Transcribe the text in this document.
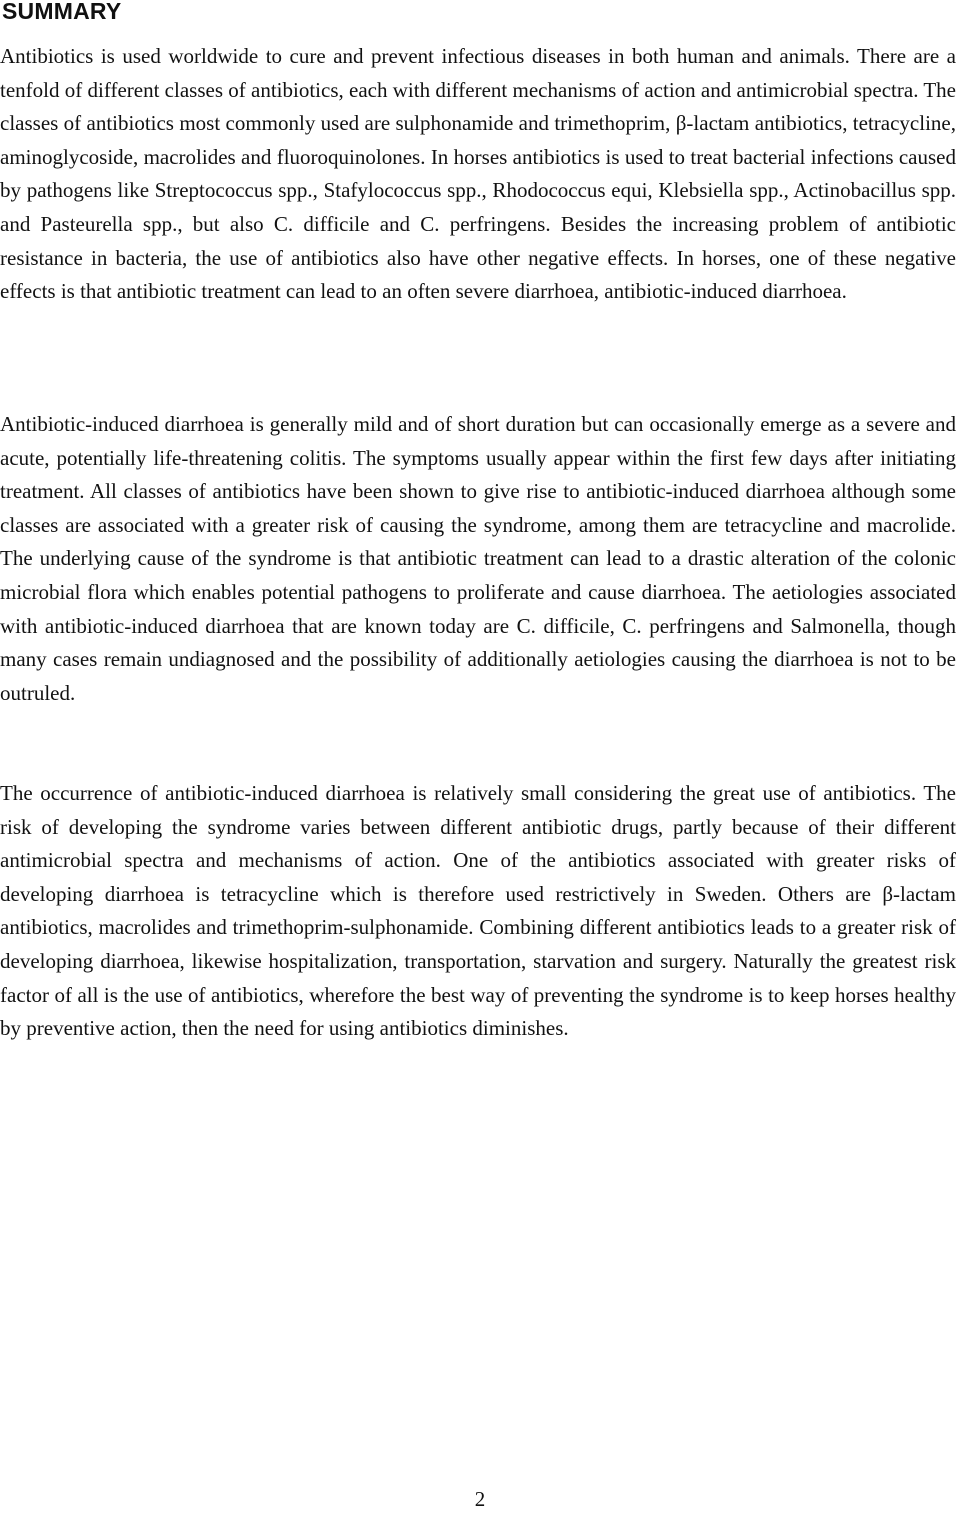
SUMMARY

Antibiotics is used worldwide to cure and prevent infectious diseases in both human and animals. There are a tenfold of different classes of antibiotics, each with different mechanisms of action and antimicrobial spectra. The classes of antibiotics most commonly used are sulphonamide and trimethoprim, β-lactam antibiotics, tetracycline, aminoglycoside, macrolides and fluoroquinolones. In horses antibiotics is used to treat bacterial infections caused by pathogens like Streptococcus spp., Stafylococcus spp., Rhodococcus equi, Klebsiella spp., Actinobacillus spp. and Pasteurella spp., but also C. difficile and C. perfringens. Besides the increasing problem of antibiotic resistance in bacteria, the use of antibiotics also have other negative effects. In horses, one of these negative effects is that antibiotic treatment can lead to an often severe diarrhoea, antibiotic-induced diarrhoea.

Antibiotic-induced diarrhoea is generally mild and of short duration but can occasionally emerge as a severe and acute, potentially life-threatening colitis. The symptoms usually appear within the first few days after initiating treatment. All classes of antibiotics have been shown to give rise to antibiotic-induced diarrhoea although some classes are associated with a greater risk of causing the syndrome, among them are tetracycline and macrolide. The underlying cause of the syndrome is that antibiotic treatment can lead to a drastic alteration of the colonic microbial flora which enables potential pathogens to proliferate and cause diarrhoea. The aetiologies associated with antibiotic-induced diarrhoea that are known today are C. difficile, C. perfringens and Salmonella, though many cases remain undiagnosed and the possibility of additionally aetiologies causing the diarrhoea is not to be outruled.

The occurrence of antibiotic-induced diarrhoea is relatively small considering the great use of antibiotics. The risk of developing the syndrome varies between different antibiotic drugs, partly because of their different antimicrobial spectra and mechanisms of action. One of the antibiotics associated with greater risks of developing diarrhoea is tetracycline which is therefore used restrictively in Sweden. Others are β-lactam antibiotics, macrolides and trimethoprim-sulphonamide. Combining different antibiotics leads to a greater risk of developing diarrhoea, likewise hospitalization, transportation, starvation and surgery. Naturally the greatest risk factor of all is the use of antibiotics, wherefore the best way of preventing the syndrome is to keep horses healthy by preventive action, then the need for using antibiotics diminishes.

2
